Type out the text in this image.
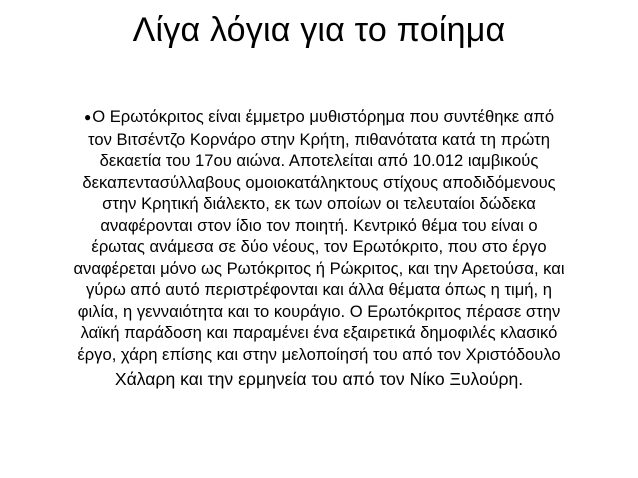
Λίγα λόγια για το ποίημα
●Ο Ερωτόκριτος είναι έμμετρο μυθιστόρημα που συντέθηκε από
τον Βιτσέντζο Κορνάρο στην Κρήτη, πιθανότατα κατά τη πρώτη
δεκαετία του 17ου αιώνα. Αποτελείται από 10.012 ιαμβικούς
δεκαπεντασύλλαβους ομοιοκατάληκτους στίχους αποδιδόμενους
στην Κρητική διάλεκτο, εκ των οποίων οι τελευταίοι δώδεκα
αναφέρονται στον ίδιο τον ποιητή. Κεντρικό θέμα του είναι ο
έρωτας ανάμεσα σε δύο νέους, τον Ερωτόκριτο, που στο έργο
αναφέρεται μόνο ως Ρωτόκριτος ή Ρώκριτος, και την Αρετούσα, και
γύρω από αυτό περιστρέφονται και άλλα θέματα όπως η τιμή, η
φιλία, η γενναιότητα και το κουράγιο. Ο Ερωτόκριτος πέρασε στην
λαϊκή παράδοση και παραμένει ένα εξαιρετικά δημοφιλές κλασικό
έργο, χάρη επίσης και στην μελοποίησή του από τον Χριστόδουλο
Χάλαρη και την ερμηνεία του από τον Νίκο Ξυλούρη.
